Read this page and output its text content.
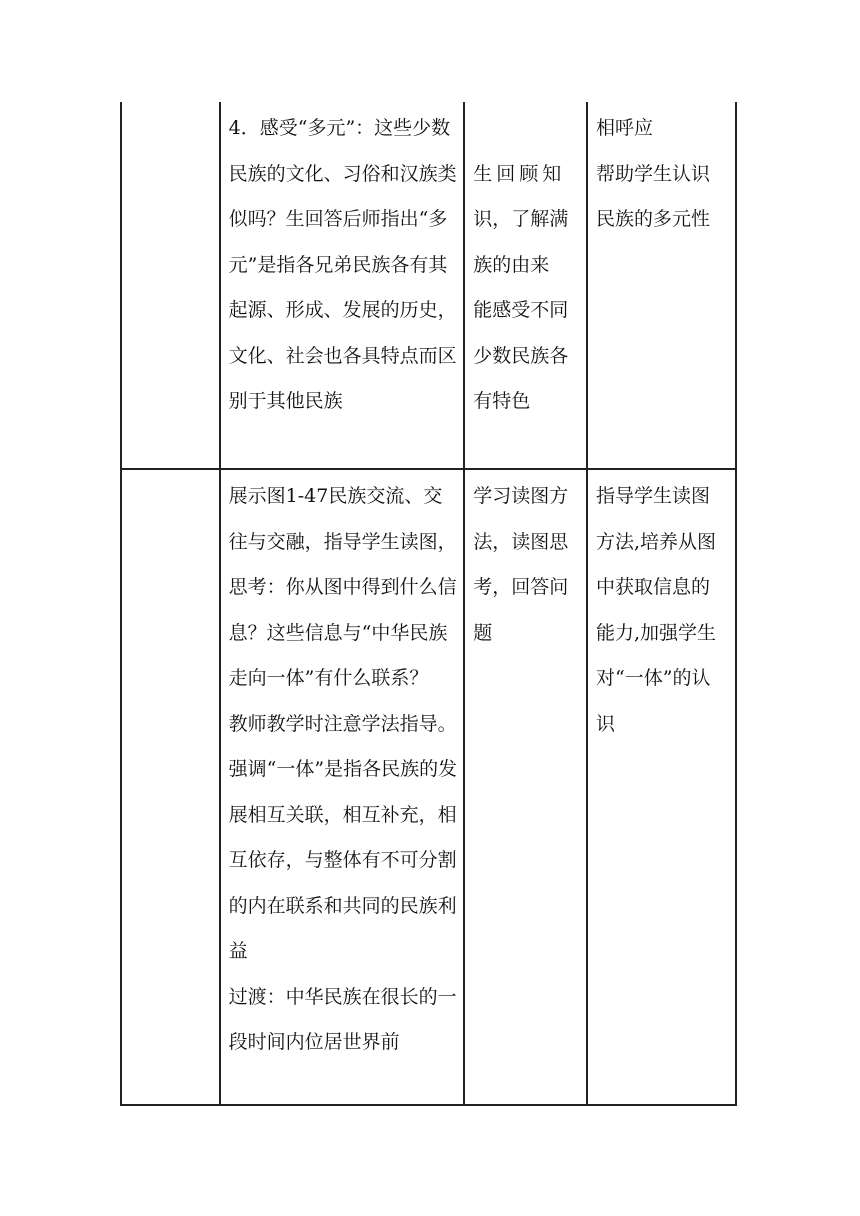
	4．感受“多元”：这些少数民族的文化、习俗和汉族类似吗？生回答后师指出“多元”是指各兄弟民族各有其起源、形成、发展的历史，文化、社会也各具特点而区别于其他民族	生回顾知
识，了解满族的由来
能感受不同少数民族各有特色	相呼应
帮助学生认识民族的多元性

	展示图1-47民族交流、交往与交融，指导学生读图，思考：你从图中得到什么信息？这些信息与“中华民族走向一体”有什么联系？
教师教学时注意学法指导。强调“一体”是指各民族的发展相互关联，相互补充，相互依存，与整体有不可分割的内在联系和共同的民族利益
过渡：中华民族在很长的一段时间内位居世界前	学习读图方法，读图思考，回答问题	指导学生读图方法,培养从图中获取信息的能力,加强学生对“一体”的认识
